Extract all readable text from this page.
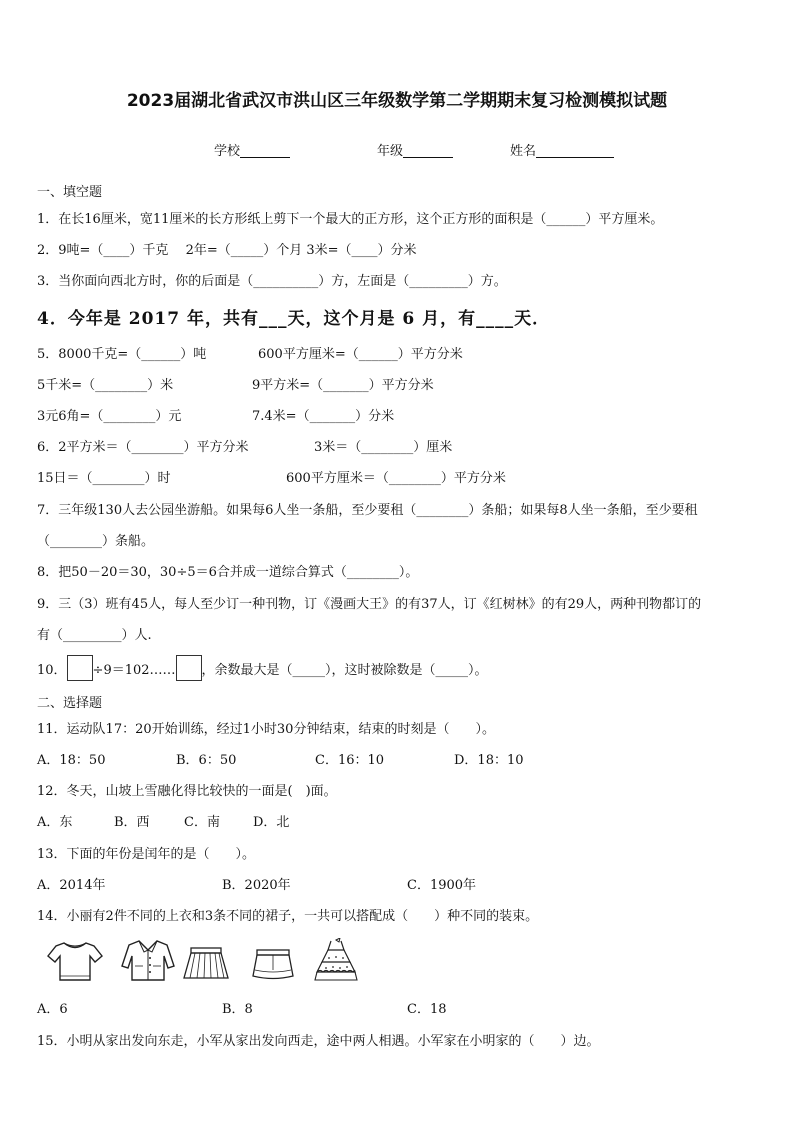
2023届湖北省武汉市洪山区三年级数学第二学期期末复习检测模拟试题
学校	年级	姓名
一、填空题
1．在长16厘米，宽11厘米的长方形纸上剪下一个最大的正方形，这个正方形的面积是（______）平方厘米。
2．9吨=（____）千克　 2年=（_____）个月 3米=（____）分米
3．当你面向西北方时，你的后面是（__________）方，左面是（_________）方。
4．今年是 2017 年，共有___天，这个月是 6 月，有____天．
5．8000千克=（______）吨	600平方厘米=（______）平方分米
5千米=（________）米	9平方米=（_______）平方分米
3元6角=（________）元	7.4米=（_______）分米
6．2平方米＝（________）平方分米	3米＝（________）厘米
15日＝（________）时	600平方厘米＝（________）平方分米
7．三年级130人去公园坐游船。如果每6人坐一条船，至少要租（________）条船；如果每8人坐一条船，至少要租
（________）条船。
8．把50－20＝30，30÷5＝6合并成一道综合算式（________）。
9．三（3）班有45人，每人至少订一种刊物，订《漫画大王》的有37人，订《红树林》的有29人，两种刊物都订的
有（_________）人.
10． ÷9＝102…… ，余数最大是（_____），这时被除数是（_____）。
二、选择题
11．运动队17：20开始训练，经过1小时30分钟结束，结束的时刻是（　　）。
A．18：50	B．6：50	C．16：10	D．18：10
12．冬天，山坡上雪融化得比较快的一面是(　)面。
A．东	B．西	C．南	D．北
13．下面的年份是闰年的是（　　）。
A．2014年	B．2020年	C．1900年
14．小丽有2件不同的上衣和3条不同的裙子，一共可以搭配成（　　）种不同的装束。
A．6	B．8	C．18
15．小明从家出发向东走，小军从家出发向西走，途中两人相遇。小军家在小明家的（　　）边。
